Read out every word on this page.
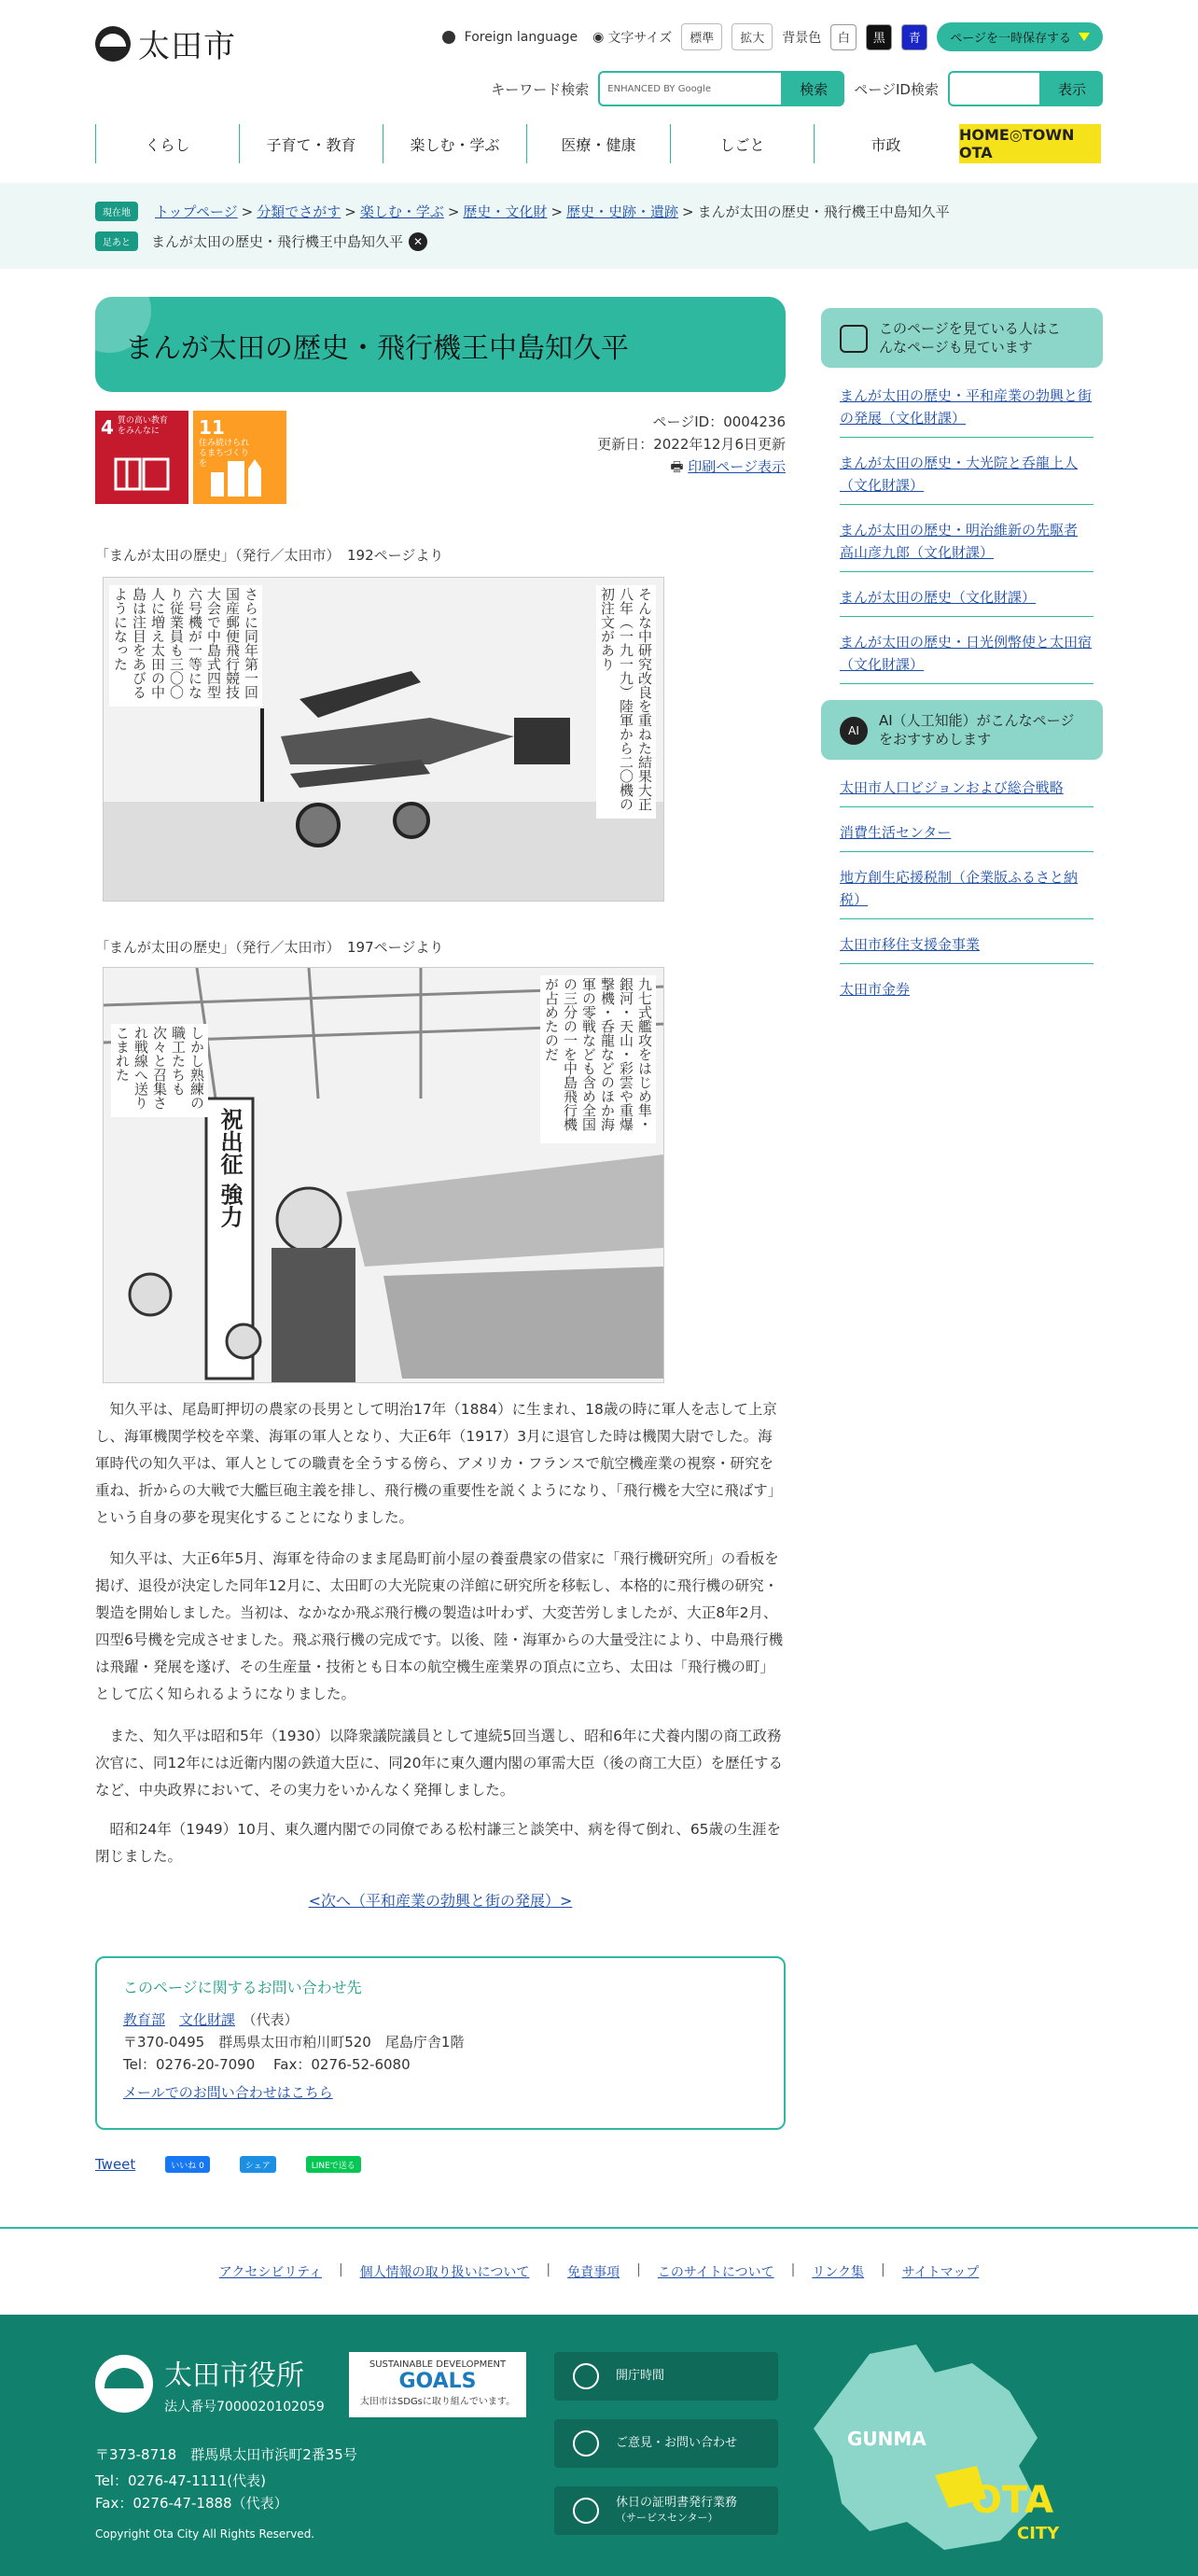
太田市	Foreign language ◉ 文字サイズ	標準	拡大	背景色	白	黒	青	ページを一時保存する
キーワード検索	ENHANCED BY Google	検索	ページID検索	表示
くらし	子育て・教育	楽しむ・学ぶ	医療・健康	しごと	市政
HOME◎TOWN OTA
現在地	トップページ > 分類でさがす > 楽しむ・学ぶ > 歴史・文化財 > 歴史・史跡・遺跡 > まんが太田の歴史・飛行機王中島知久平
足あと	まんが太田の歴史・飛行機王中島知久平 ✕
まんが太田の歴史・飛行機王中島知久平
4 質の高い教育をみんなに	11住み続けられるまちづくりを
ページID：0004236
更新日：2022年12月6日更新
🖶 印刷ページ表示
「まんが太田の歴史」（発行／太田市）　192ページより
そんな中研究改良を重ねた結果大正八年（一九一九）陸軍から二〇機の初注文があり
さらに同年第一回国産郵便飛行競技大会で中島式四型六号機が一等になり従業員も三〇〇人に増え太田の中島は注目をあびるようになった
「まんが太田の歴史」（発行／太田市）　197ページより
祝出征 強力
九七式艦攻をはじめ隼・銀河・天山・彩雲や重爆撃機・呑龍などのほか海軍の零戦なども含め全国の三分の一を中島飛行機が占めたのだ
しかし熟練の職工たちも次々と召集され戦線へ送りこまれた

知久平は、尾島町押切の農家の長男として明治17年（1884）に生まれ、18歳の時に軍人を志して上京し、海軍機関学校を卒業、海軍の軍人となり、大正6年（1917）3月に退官した時は機関大尉でした。海軍時代の知久平は、軍人としての職責を全うする傍ら、アメリカ・フランスで航空機産業の視察・研究を重ね、折からの大戦で大艦巨砲主義を排し、飛行機の重要性を説くようになり、「飛行機を大空に飛ばす」という自身の夢を現実化することになりました。

知久平は、大正6年5月、海軍を待命のまま尾島町前小屋の養蚕農家の借家に「飛行機研究所」の看板を掲げ、退役が決定した同年12月に、太田町の大光院東の洋館に研究所を移転し、本格的に飛行機の研究・製造を開始しました。当初は、なかなか飛ぶ飛行機の製造は叶わず、大変苦労しましたが、大正8年2月、四型6号機を完成させました。飛ぶ飛行機の完成です。以後、陸・海軍からの大量受注により、中島飛行機は飛躍・発展を遂げ、その生産量・技術とも日本の航空機生産業界の頂点に立ち、太田は「飛行機の町」として広く知られるようになりました。

また、知久平は昭和5年（1930）以降衆議院議員として連続5回当選し、昭和6年に犬養内閣の商工政務次官に、同12年には近衛内閣の鉄道大臣に、同20年に東久邇内閣の軍需大臣（後の商工大臣）を歴任するなど、中央政界において、その実力をいかんなく発揮しました。

昭和24年（1949）10月、東久邇内閣での同僚である松村謙三と談笑中、病を得て倒れ、65歳の生涯を閉じました。

<次へ（平和産業の勃興と街の発展）>
このページに関するお問い合わせ先
教育部　 文化財課　 （代表）
〒370-0495　群馬県太田市粕川町520　尾島庁舎1階
Tel：0276-20-7090　 Fax：0276-52-6080
メールでのお問い合わせはこちら
Tweet	いいね 0	シェア	LINEで送る
このページを見ている人はこんなページも見ています
まんが太田の歴史・平和産業の勃興と街の発展（文化財課）
まんが太田の歴史・大光院と呑龍上人（文化財課）
まんが太田の歴史・明治維新の先駆者 高山彦九郎（文化財課）
まんが太田の歴史（文化財課）
まんが太田の歴史・日光例幣使と太田宿（文化財課）
AI
AI（人工知能）がこんなページをおすすめします
太田市人口ビジョンおよび総合戦略
消費生活センター
地方創生応援税制（企業版ふるさと納税）
太田市移住支援金事業
太田市金券
アクセシビリティ | 個人情報の取り扱いについて | 免責事項 | このサイトについて | リンク集 | サイトマップ
太田市役所
法人番号7000020102059
SUSTAINABLE DEVELOPMENT
GOALS
太田市はSDGsに取り組んでいます。
〒373-8718　群馬県太田市浜町2番35号
Tel：0276-47-1111(代表)
Fax：0276-47-1888（代表）
Copyright Ota City All Rights Reserved.
開庁時間
ご意見・お問い合わせ
休日の証明書発行業務
（サービスセンター）
GUNMA
OTA
CITY
